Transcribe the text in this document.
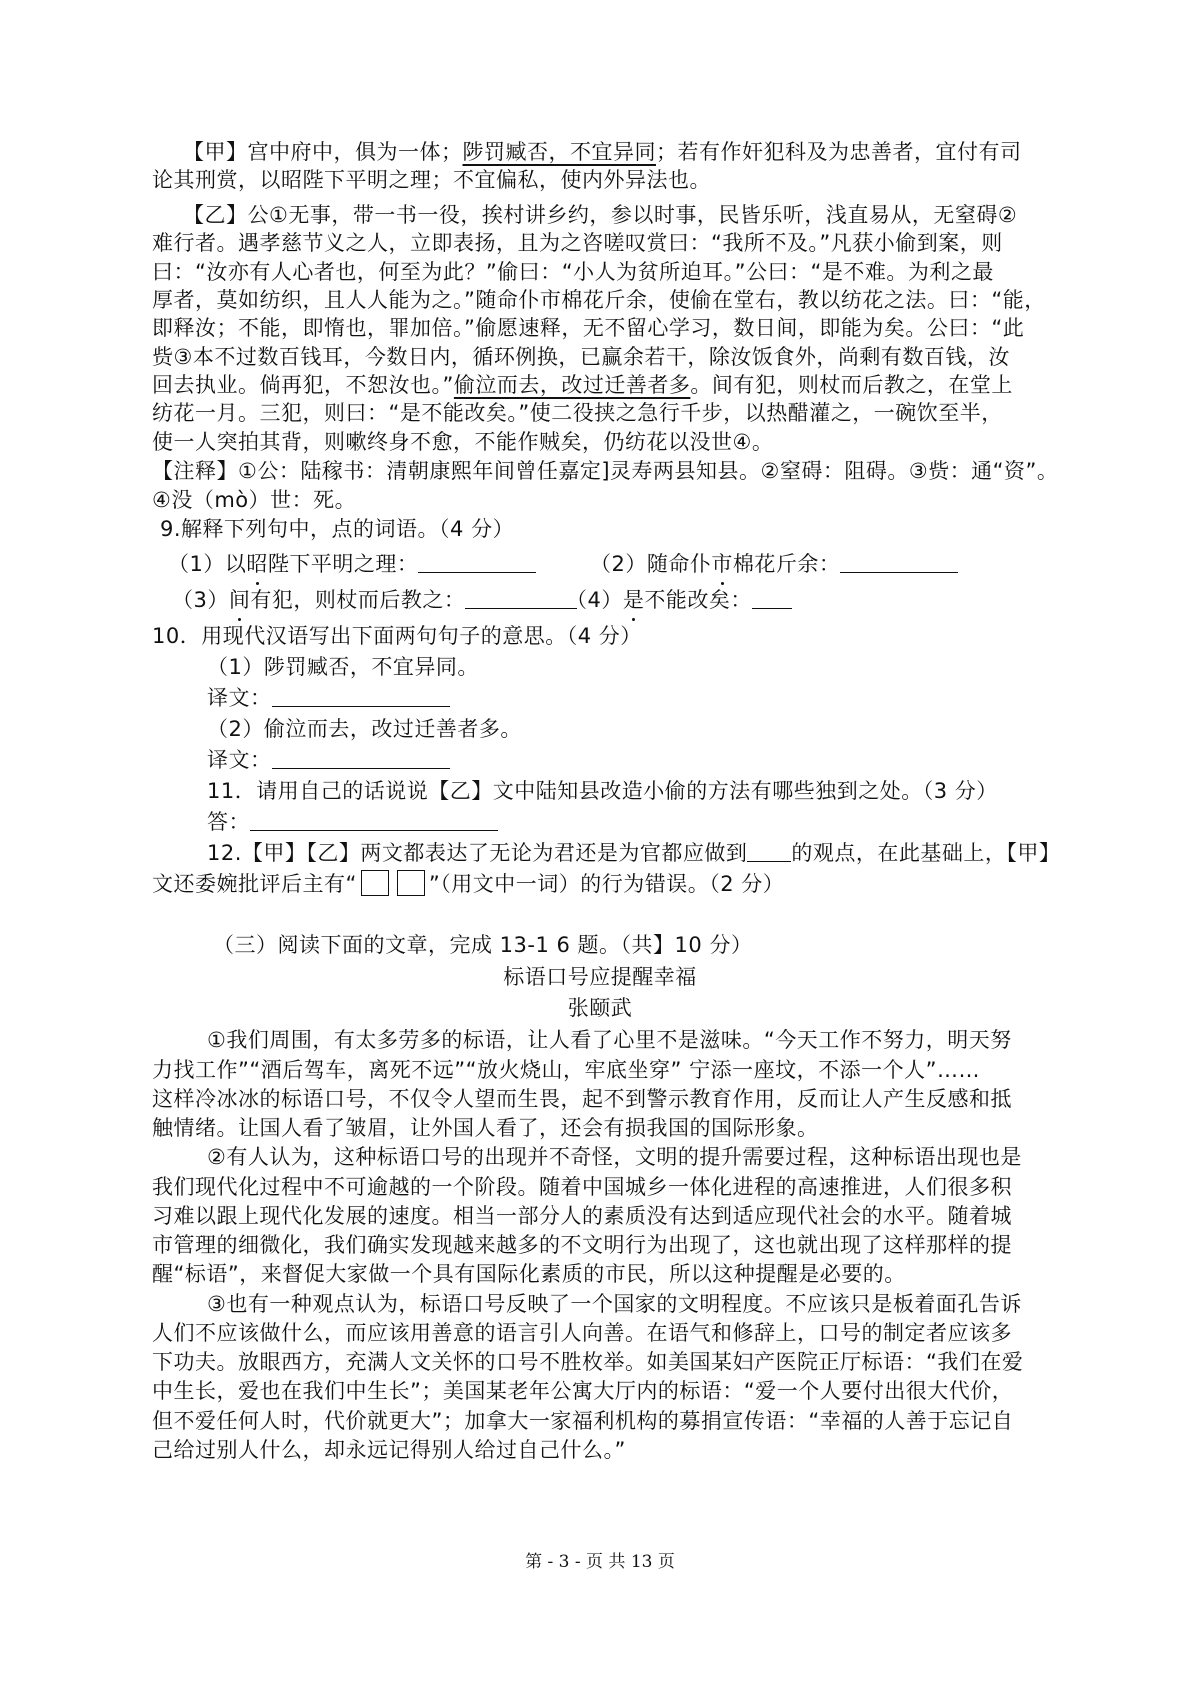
【甲】宫中府中，俱为一体；陟罚臧否，不宜异同；若有作奸犯科及为忠善者，宜付有司
论其刑赏，以昭陛下平明之理；不宜偏私，使内外异法也。
【乙】公①无事，带一书一役，挨村讲乡约，参以时事，民皆乐听，浅直易从，无窒碍②
难行者。遇孝慈节义之人，立即表扬，且为之咨嗟叹赏曰：“我所不及。”凡获小偷到案，则
曰：“汝亦有人心者也，何至为此？”偷曰：“小人为贫所迫耳。”公曰：“是不难。为利之最
厚者，莫如纺织，且人人能为之。”随命仆市棉花斤余，使偷在堂右，教以纺花之法。曰：“能，
即释汝；不能，即惰也，罪加倍。”偷愿速释，无不留心学习，数日间，即能为矣。公曰：“此
赀③本不过数百钱耳，今数日内，循环例换，已赢余若干，除汝饭食外，尚剩有数百钱，汝
回去执业。倘再犯，不恕汝也。”偷泣而去，改过迁善者多。间有犯，则杖而后教之，在堂上
纺花一月。三犯，则曰：“是不能改矣。”使二役挟之急行千步，以热醋灌之，一碗饮至半，
使一人突拍其背，则嗽终身不愈，不能作贼矣，仍纺花以没世④。
【注释】①公：陆稼书：清朝康熙年间曾任嘉定]灵寿两县知县。②窒碍：阻碍。③赀：通“资”。
④没（mò）世：死。
9.解释下列句中，点的词语。（4 分）
（1）以昭陛下平明之理：	（2）随命仆市棉花斤余：
（3）间有犯，则杖而后教之：	（4）是不能改矣：
10．用现代汉语写出下面两句句子的意思。（4 分）
（1）陟罚臧否，不宜异同。
译文：
（2）偷泣而去，改过迁善者多。
译文：
11．请用自己的话说说【乙】文中陆知县改造小偷的方法有哪些独到之处。（3 分）
答：
12.【甲】【乙】两文都表达了无论为君还是为官都应做到 的观点，在此基础上，【甲】
文还委婉批评后主有“	”（用文中一词）的行为错误。（2 分）
（三）阅读下面的文章，完成 13-1 6 题。（共】10 分）
标语口号应提醒幸福
张颐武
①我们周围，有太多劳多的标语，让人看了心里不是滋味。“今天工作不努力，明天努
力找工作”“酒后驾车，离死不远”“放火烧山，牢底坐穿” 宁添一座坟，不添一个人”……
这样冷冰冰的标语口号，不仅令人望而生畏，起不到警示教育作用，反而让人产生反感和抵
触情绪。让国人看了皱眉，让外国人看了，还会有损我国的国际形象。
②有人认为，这种标语口号的出现并不奇怪，文明的提升需要过程，这种标语出现也是
我们现代化过程中不可逾越的一个阶段。随着中国城乡一体化进程的高速推进，人们很多积
习难以跟上现代化发展的速度。相当一部分人的素质没有达到适应现代社会的水平。随着城
市管理的细微化，我们确实发现越来越多的不文明行为出现了，这也就出现了这样那样的提
醒“标语”，来督促大家做一个具有国际化素质的市民，所以这种提醒是必要的。
③也有一种观点认为，标语口号反映了一个国家的文明程度。不应该只是板着面孔告诉
人们不应该做什么，而应该用善意的语言引人向善。在语气和修辞上，口号的制定者应该多
下功夫。放眼西方，充满人文关怀的口号不胜枚举。如美国某妇产医院正厅标语：“我们在爱
中生长，爱也在我们中生长”；美国某老年公寓大厅内的标语：“爱一个人要付出很大代价，
但不爱任何人时，代价就更大”；加拿大一家福利机构的募捐宣传语：“幸福的人善于忘记自
己给过别人什么，却永远记得别人给过自己什么。”
第 - 3 - 页 共 13 页
